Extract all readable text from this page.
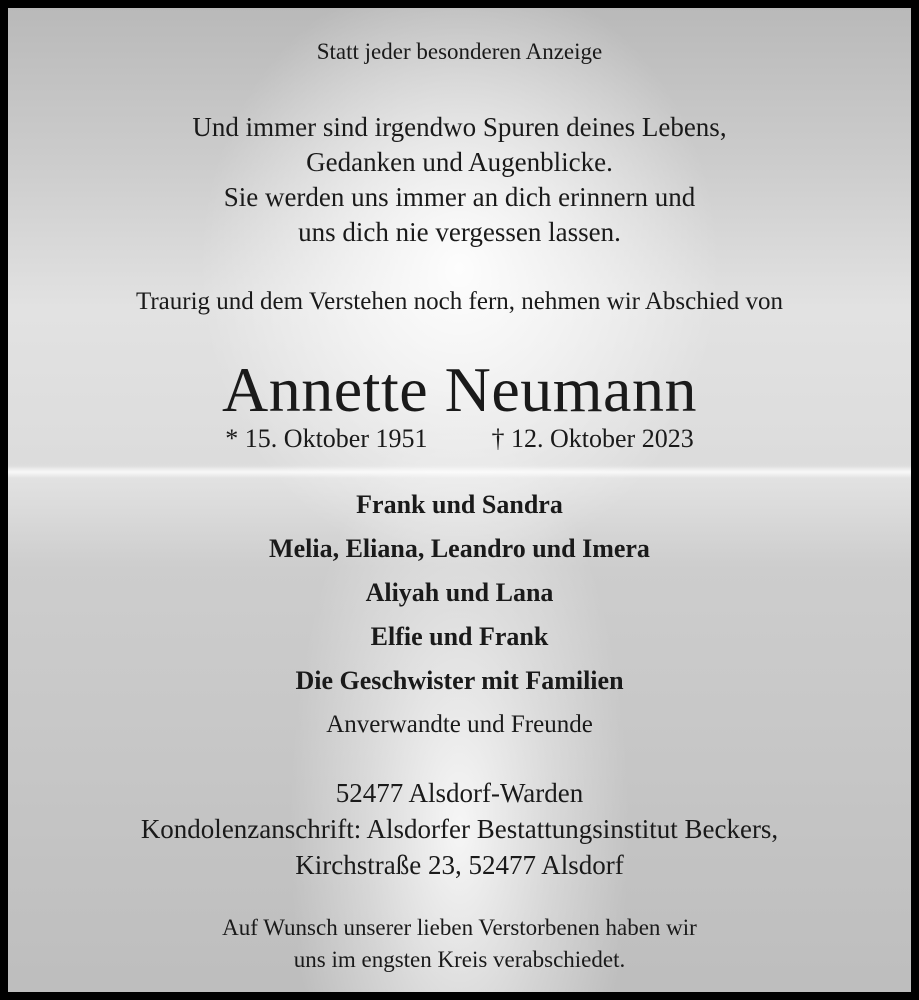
Statt jeder besonderen Anzeige
Und immer sind irgendwo Spuren deines Lebens,
Gedanken und Augenblicke.
Sie werden uns immer an dich erinnern und
uns dich nie vergessen lassen.
Traurig und dem Verstehen noch fern, nehmen wir Abschied von
Annette Neumann
* 15. Oktober 1951 † 12. Oktober 2023
Frank und Sandra
Melia, Eliana, Leandro und Imera
Aliyah und Lana
Elfie und Frank
Die Geschwister mit Familien
Anverwandte und Freunde
52477 Alsdorf-Warden
Kondolenzanschrift: Alsdorfer Bestattungsinstitut Beckers,
Kirchstraße 23, 52477 Alsdorf
Auf Wunsch unserer lieben Verstorbenen haben wir
uns im engsten Kreis verabschiedet.
